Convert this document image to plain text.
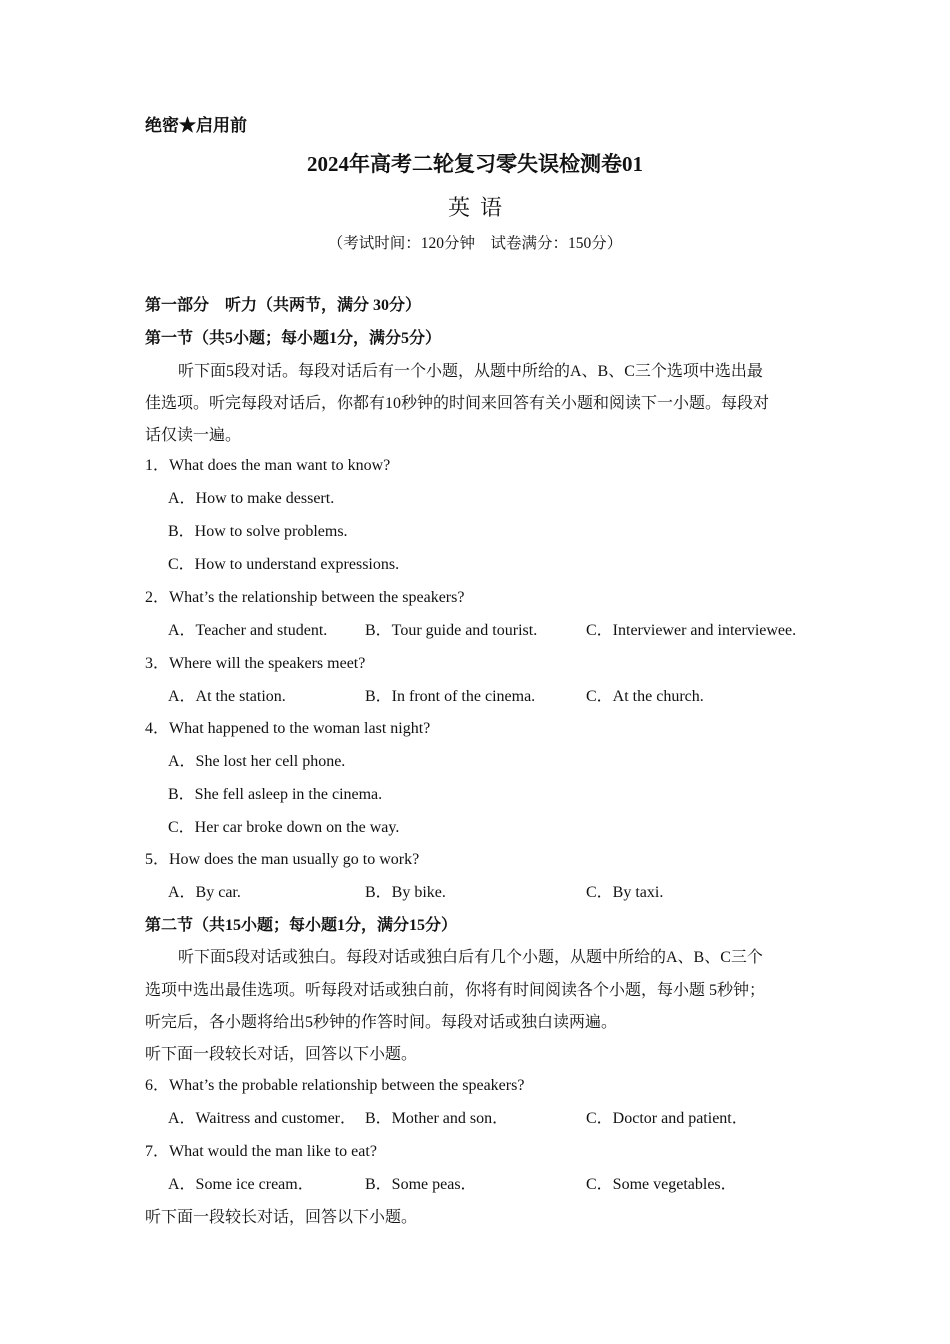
绝密★启用前
2024年高考二轮复习零失误检测卷01
英语
（考试时间：120分钟　试卷满分：150分）
第一部分　听力（共两节，满分 30分）
第一节（共5小题；每小题1分，满分5分）
听下面5段对话。每段对话后有一个小题，从题中所给的A、B、C三个选项中选出最
佳选项。听完每段对话后，你都有10秒钟的时间来回答有关小题和阅读下一小题。每段对
话仅读一遍。
1．What does the man want to know?
A．How to make dessert.
B．How to solve problems.
C．How to understand expressions.
2．What’s the relationship between the speakers?
A．Teacher and student. B．Tour guide and tourist.	C．Interviewer and interviewee.
3．Where will the speakers meet?
A．At the station.	B．In front of the cinema.	C．At the church.
4．What happened to the woman last night?
A．She lost her cell phone.
B．She fell asleep in the cinema.
C．Her car broke down on the way.
5．How does the man usually go to work?
A．By car.	B．By bike.	C．By taxi.
第二节（共15小题；每小题1分，满分15分）
听下面5段对话或独白。每段对话或独白后有几个小题，从题中所给的A、B、C三个
选项中选出最佳选项。听每段对话或独白前，你将有时间阅读各个小题，每小题 5秒钟；
听完后，各小题将给出5秒钟的作答时间。每段对话或独白读两遍。
听下面一段较长对话，回答以下小题。
6．What’s the probable relationship between the speakers?
A．Waitress and customer． B．Mother and son．	C．Doctor and patient．
7．What would the man like to eat?
A．Some ice cream．	B．Some peas．	C．Some vegetables．
听下面一段较长对话，回答以下小题。
